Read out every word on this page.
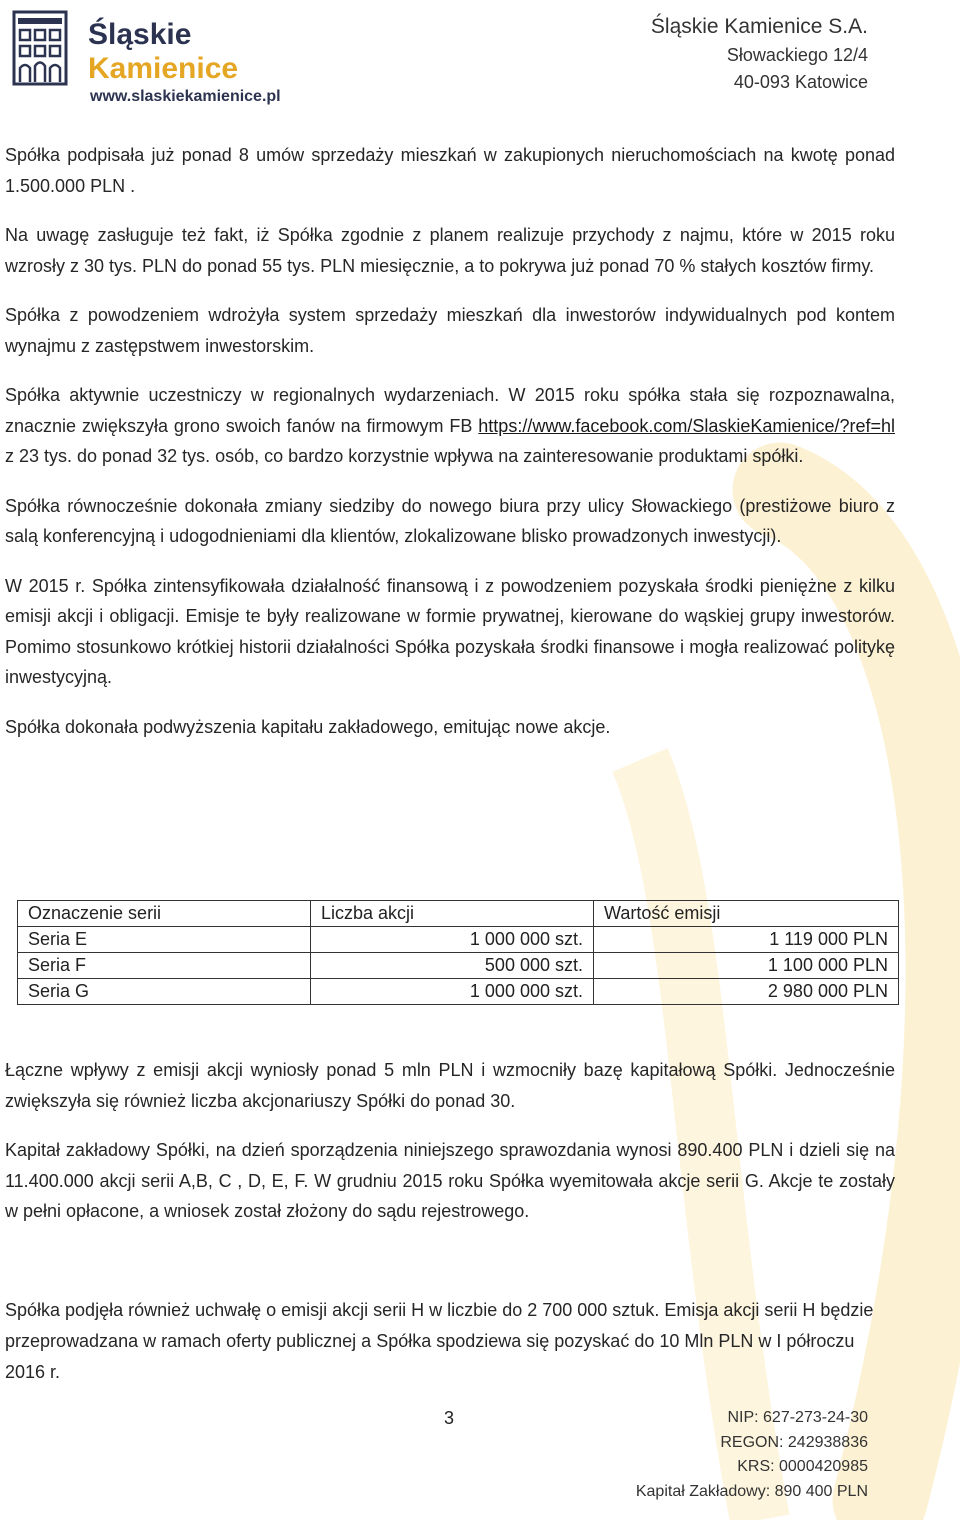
Śląskie
Kamienice
www.slaskiekamienice.pl
Śląskie Kamienice S.A.
Słowackiego 12/4
40-093 Katowice

Spółka podpisała już ponad 8 umów sprzedaży mieszkań w zakupionych nieruchomościach na kwotę ponad 1.500.000 PLN .

Na uwagę zasługuje też fakt, iż Spółka zgodnie z planem realizuje przychody z najmu, które w 2015 roku wzrosły z 30 tys. PLN do ponad 55 tys. PLN miesięcznie, a to pokrywa już ponad 70 % stałych kosztów firmy.

Spółka z powodzeniem wdrożyła system sprzedaży mieszkań dla inwestorów indywidualnych pod kontem wynajmu z zastępstwem inwestorskim.

Spółka aktywnie uczestniczy w regionalnych wydarzeniach. W 2015 roku spółka stała się rozpoznawalna, znacznie zwiększyła grono swoich fanów na firmowym FB https://www.facebook.com/SlaskieKamienice/?ref=hl z 23 tys. do ponad 32 tys. osób, co bardzo korzystnie wpływa na zainteresowanie produktami spółki.

Spółka równocześnie dokonała zmiany siedziby do nowego biura przy ulicy Słowackiego (prestiżowe biuro z salą konferencyjną i udogodnieniami dla klientów, zlokalizowane blisko prowadzonych inwestycji).

W 2015 r. Spółka zintensyfikowała działalność finansową i z powodzeniem pozyskała środki pieniężne z kilku emisji akcji i obligacji. Emisje te były realizowane w formie prywatnej, kierowane do wąskiej grupy inwestorów. Pomimo stosunkowo krótkiej historii działalności Spółka pozyskała środki finansowe i mogła realizować politykę inwestycyjną.

Spółka dokonała podwyższenia kapitału zakładowego, emitując nowe akcje.

Oznaczenie serii	Liczba akcji	Wartość emisji
Seria E	1 000 000 szt.	1 119 000 PLN
Seria F	500 000 szt.	1 100 000 PLN
Seria G	1 000 000 szt.	2 980 000 PLN

Łączne wpływy z emisji akcji wyniosły ponad 5 mln PLN i wzmocniły bazę kapitałową Spółki. Jednocześnie zwiększyła się również liczba akcjonariuszy Spółki do ponad 30.

Kapitał zakładowy Spółki, na dzień sporządzenia niniejszego sprawozdania wynosi 890.400 PLN i dzieli się na 11.400.000 akcji serii A,B, C , D, E, F. W grudniu 2015 roku Spółka wyemitowała akcje serii G. Akcje te zostały w pełni opłacone, a wniosek został złożony do sądu rejestrowego.

Spółka podjęła również uchwałę o emisji akcji serii H w liczbie do 2 700 000 sztuk. Emisja akcji serii H będzie przeprowadzana w ramach oferty publicznej a Spółka spodziewa się pozyskać do 10 Mln PLN w I półroczu 2016 r.

3	NIP: 627-273-24-30
REGON: 242938836
KRS: 0000420985
Kapitał Zakładowy: 890 400 PLN
